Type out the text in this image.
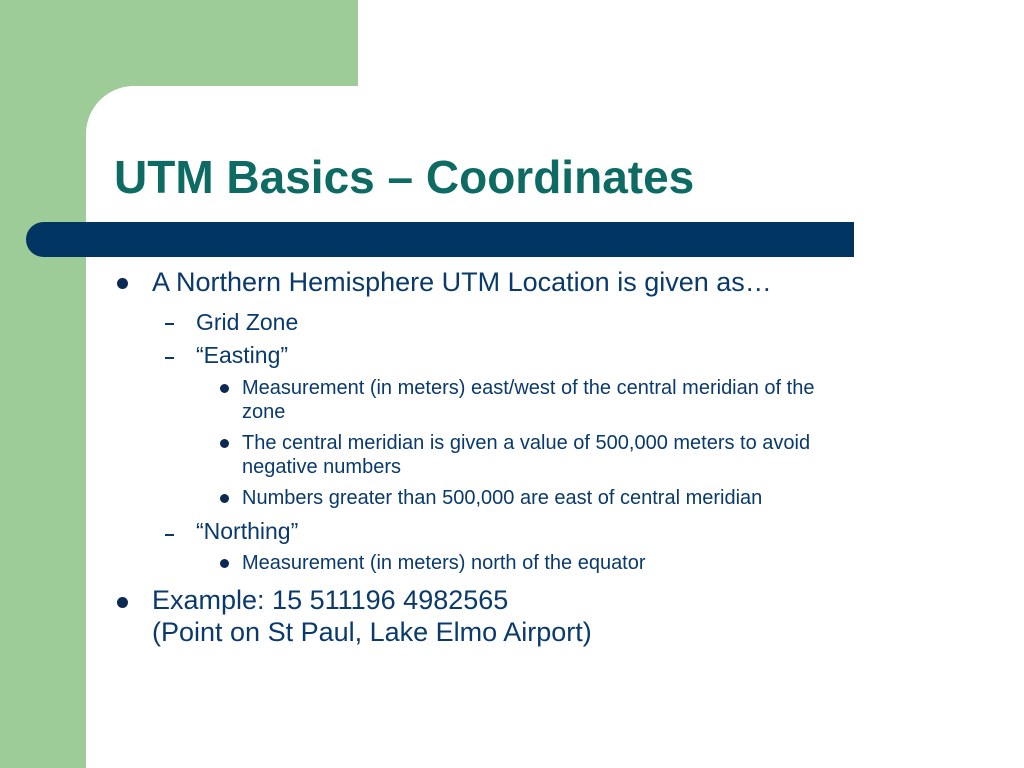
UTM Basics – Coordinates
A Northern Hemisphere UTM Location is given as…
Grid Zone
“Easting”
Measurement (in meters) east/west of the central meridian of the
zone
The central meridian is given a value of 500,000 meters to avoid
negative numbers
Numbers greater than 500,000 are east of central meridian
“Northing”
Measurement (in meters) north of the equator
Example: 15 511196 4982565
(Point on St Paul, Lake Elmo Airport)
